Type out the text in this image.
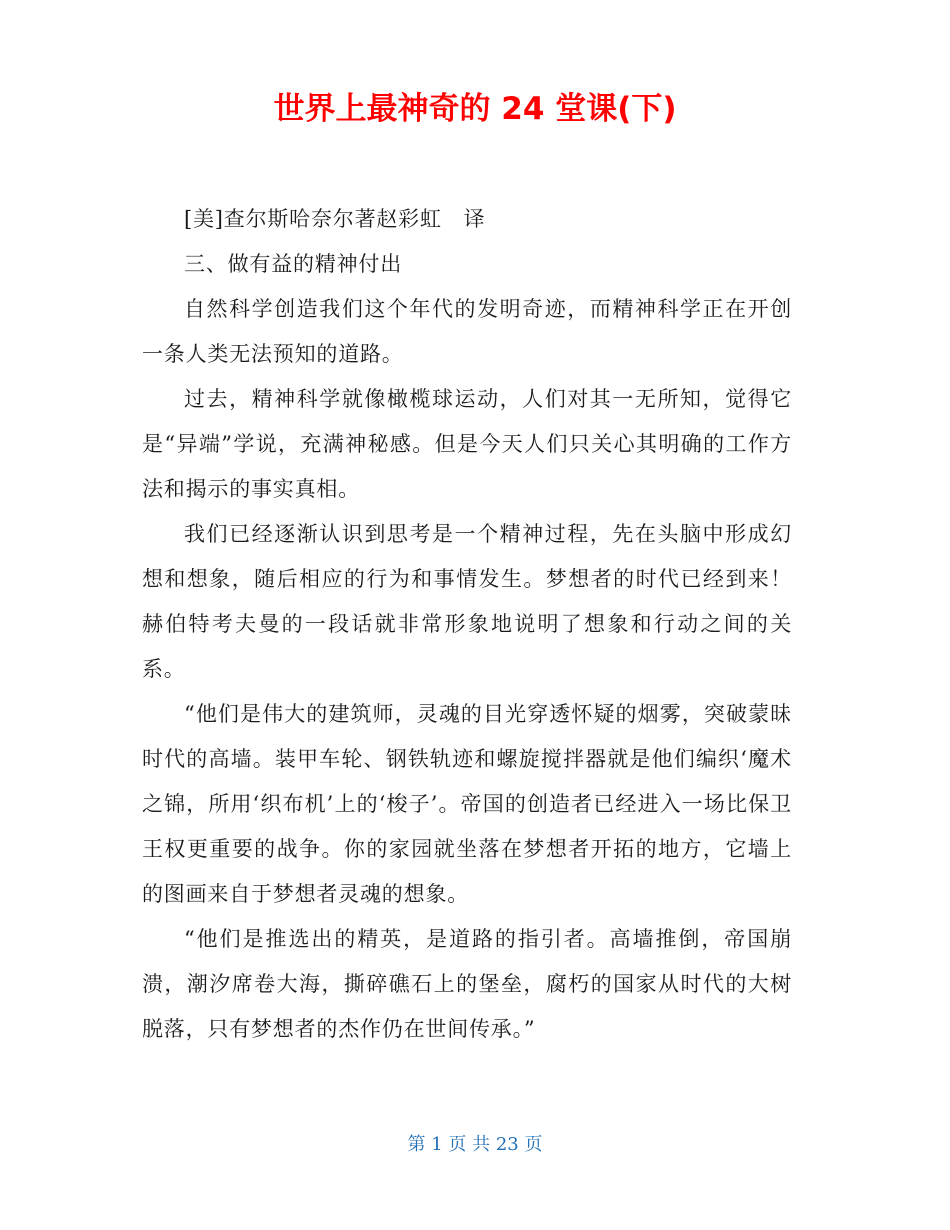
世界上最神奇的 24 堂课(下)

[美]查尔斯哈奈尔著赵彩虹　译

三、做有益的精神付出

自然科学创造我们这个年代的发明奇迹，而精神科学正在开创一条人类无法预知的道路。

过去，精神科学就像橄榄球运动，人们对其一无所知，觉得它是“异端”学说，充满神秘感。但是今天人们只关心其明确的工作方法和揭示的事实真相。

我们已经逐渐认识到思考是一个精神过程，先在头脑中形成幻想和想象，随后相应的行为和事情发生。梦想者的时代已经到来！赫伯特考夫曼的一段话就非常形象地说明了想象和行动之间的关系。

“他们是伟大的建筑师，灵魂的目光穿透怀疑的烟雾，突破蒙昧时代的高墙。装甲车轮、钢铁轨迹和螺旋搅拌器就是他们编织‘魔术之锦，所用‘织布机’上的‘梭子’。帝国的创造者已经进入一场比保卫王权更重要的战争。你的家园就坐落在梦想者开拓的地方，它墙上的图画来自于梦想者灵魂的想象。

“他们是推选出的精英，是道路的指引者。高墙推倒，帝国崩溃，潮汐席卷大海，撕碎礁石上的堡垒，腐朽的国家从时代的大树脱落，只有梦想者的杰作仍在世间传承。”

第 1 页 共 23 页
